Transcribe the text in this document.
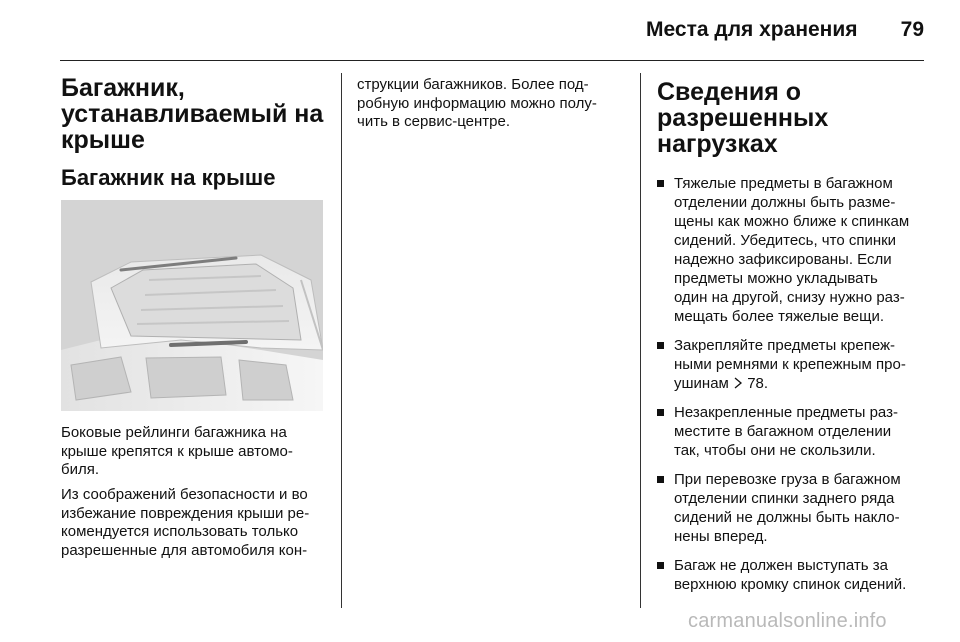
Места для хранения 79
Багажник,
устанавливаемый на
крыше
Багажник на крыше
Боковые рейлинги багажника на
крыше крепятся к крыше автомо-
биля.
Из соображений безопасности и во
избежание повреждения крыши ре-
комендуется использовать только
разрешенные для автомобиля кон-
струкции багажников. Более под-
робную информацию можно полу-
чить в сервис-центре.
Сведения о
разрешенных
нагрузках
Тяжелые предметы в багажном
отделении должны быть разме-
щены как можно ближе к спинкам
сидений. Убедитесь, что спинки
надежно зафиксированы. Если
предметы можно укладывать
один на другой, снизу нужно раз-
мещать более тяжелые вещи.
Закрепляйте предметы крепеж-
ными ремнями к крепежным про-
ушинам 78.
Незакрепленные предметы раз-
местите в багажном отделении
так, чтобы они не скользили.
При перевозке груза в багажном
отделении спинки заднего ряда
сидений не должны быть накло-
нены вперед.
Багаж не должен выступать за
верхнюю кромку спинок сидений.
carmanualsonline.info
